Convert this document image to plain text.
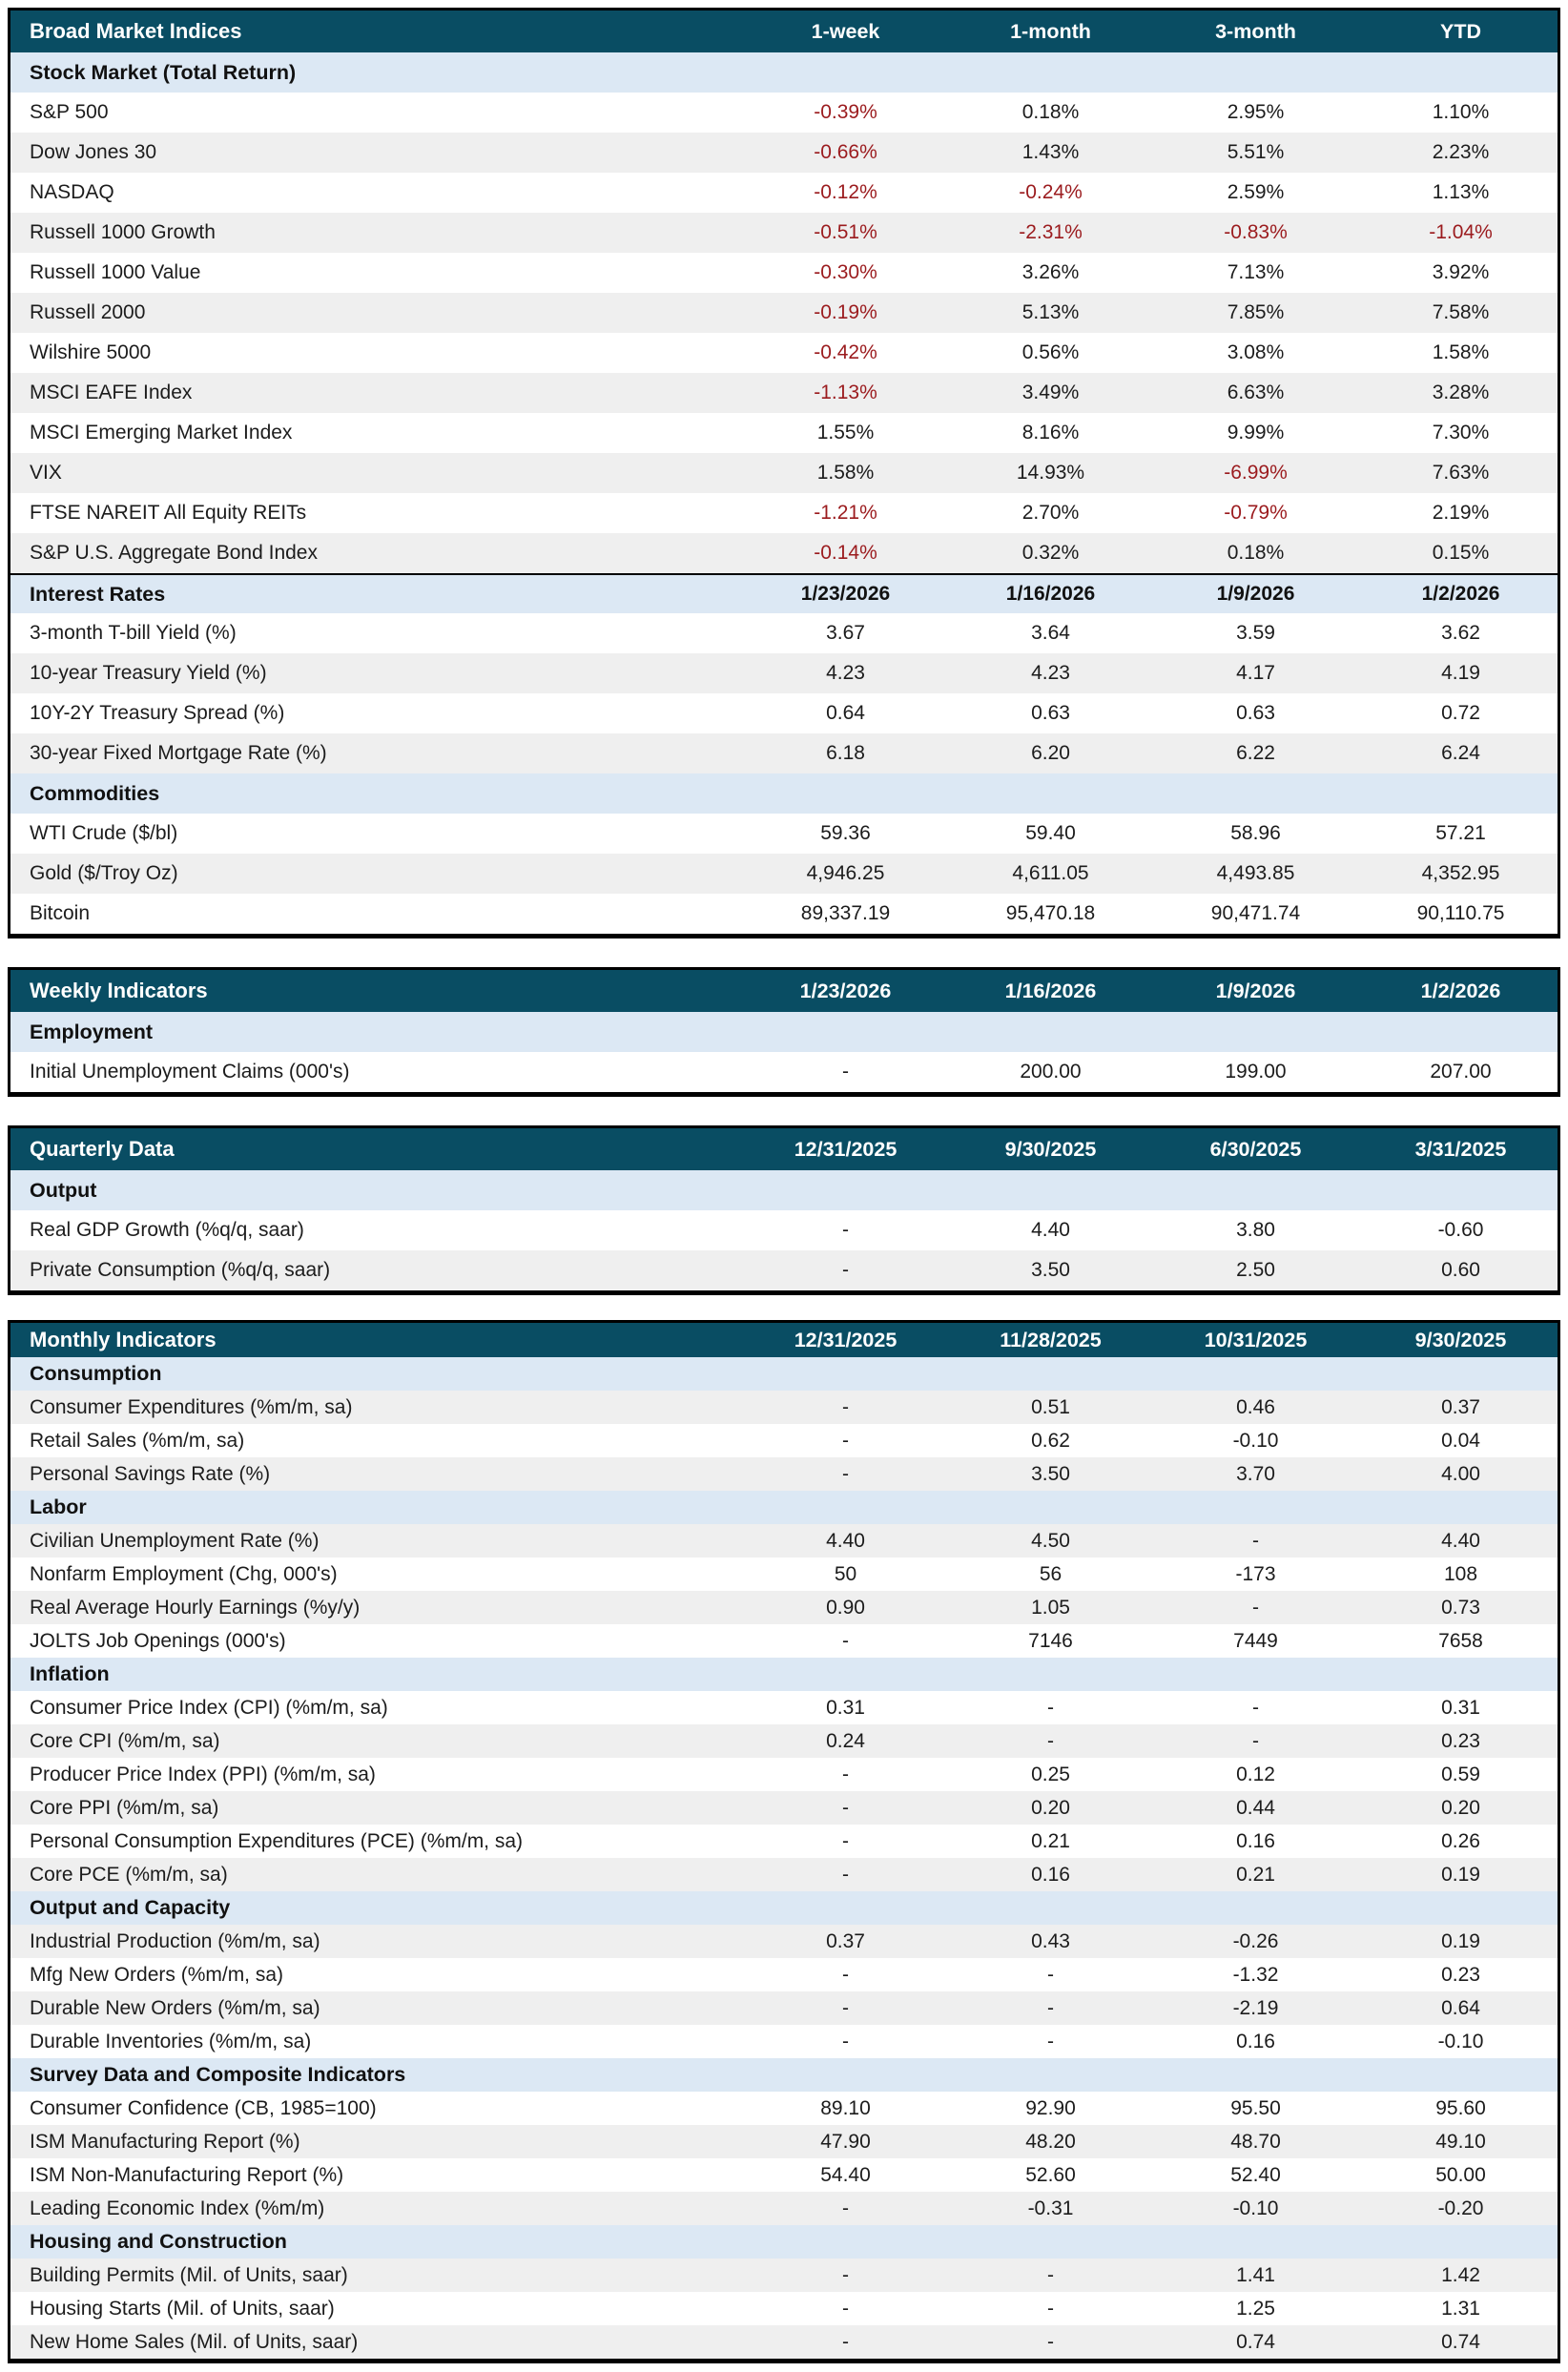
Broad Market Indices	1-week	1-month	3-month	YTD
Stock Market (Total Return)
S&P 500	-0.39%	0.18%	2.95%	1.10%
Dow Jones 30	-0.66%	1.43%	5.51%	2.23%
NASDAQ	-0.12%	-0.24%	2.59%	1.13%
Russell 1000 Growth	-0.51%	-2.31%	-0.83%	-1.04%
Russell 1000 Value	-0.30%	3.26%	7.13%	3.92%
Russell 2000	-0.19%	5.13%	7.85%	7.58%
Wilshire 5000	-0.42%	0.56%	3.08%	1.58%
MSCI EAFE Index	-1.13%	3.49%	6.63%	3.28%
MSCI Emerging Market Index	1.55%	8.16%	9.99%	7.30%
VIX	1.58%	14.93%	-6.99%	7.63%
FTSE NAREIT All Equity REITs	-1.21%	2.70%	-0.79%	2.19%
S&P U.S. Aggregate Bond Index	-0.14%	0.32%	0.18%	0.15%
Interest Rates	1/23/2026	1/16/2026	1/9/2026	1/2/2026
3-month T-bill Yield (%)	3.67	3.64	3.59	3.62
10-year Treasury Yield (%)	4.23	4.23	4.17	4.19
10Y-2Y Treasury Spread (%)	0.64	0.63	0.63	0.72
30-year Fixed Mortgage Rate (%)	6.18	6.20	6.22	6.24
Commodities
WTI Crude ($/bl)	59.36	59.40	58.96	57.21
Gold ($/Troy Oz)	4,946.25	4,611.05	4,493.85	4,352.95
Bitcoin	89,337.19	95,470.18	90,471.74	90,110.75
Weekly Indicators	1/23/2026	1/16/2026	1/9/2026	1/2/2026
Employment
Initial Unemployment Claims (000's)	-	200.00	199.00	207.00
Quarterly Data	12/31/2025	9/30/2025	6/30/2025	3/31/2025
Output
Real GDP Growth (%q/q, saar)	-	4.40	3.80	-0.60
Private Consumption (%q/q, saar)	-	3.50	2.50	0.60
Monthly Indicators	12/31/2025	11/28/2025	10/31/2025	9/30/2025
Consumption
Consumer Expenditures (%m/m, sa)	-	0.51	0.46	0.37
Retail Sales (%m/m, sa)	-	0.62	-0.10	0.04
Personal Savings Rate (%)	-	3.50	3.70	4.00
Labor
Civilian Unemployment Rate (%)	4.40	4.50	-	4.40
Nonfarm Employment (Chg, 000's)	50	56	-173	108
Real Average Hourly Earnings (%y/y)	0.90	1.05	-	0.73
JOLTS Job Openings (000's)	-	7146	7449	7658
Inflation
Consumer Price Index (CPI) (%m/m, sa)	0.31	-	-	0.31
Core CPI (%m/m, sa)	0.24	-	-	0.23
Producer Price Index (PPI) (%m/m, sa)	-	0.25	0.12	0.59
Core PPI (%m/m, sa)	-	0.20	0.44	0.20
Personal Consumption Expenditures (PCE) (%m/m, sa)	-	0.21	0.16	0.26
Core PCE (%m/m, sa)	-	0.16	0.21	0.19
Output and Capacity
Industrial Production (%m/m, sa)	0.37	0.43	-0.26	0.19
Mfg New Orders (%m/m, sa)	-	-	-1.32	0.23
Durable New Orders (%m/m, sa)	-	-	-2.19	0.64
Durable Inventories (%m/m, sa)	-	-	0.16	-0.10
Survey Data and Composite Indicators
Consumer Confidence (CB, 1985=100)	89.10	92.90	95.50	95.60
ISM Manufacturing Report (%)	47.90	48.20	48.70	49.10
ISM Non-Manufacturing Report (%)	54.40	52.60	52.40	50.00
Leading Economic Index (%m/m)	-	-0.31	-0.10	-0.20
Housing and Construction
Building Permits (Mil. of Units, saar)	-	-	1.41	1.42
Housing Starts (Mil. of Units, saar)	-	-	1.25	1.31
New Home Sales (Mil. of Units, saar)	-	-	0.74	0.74
